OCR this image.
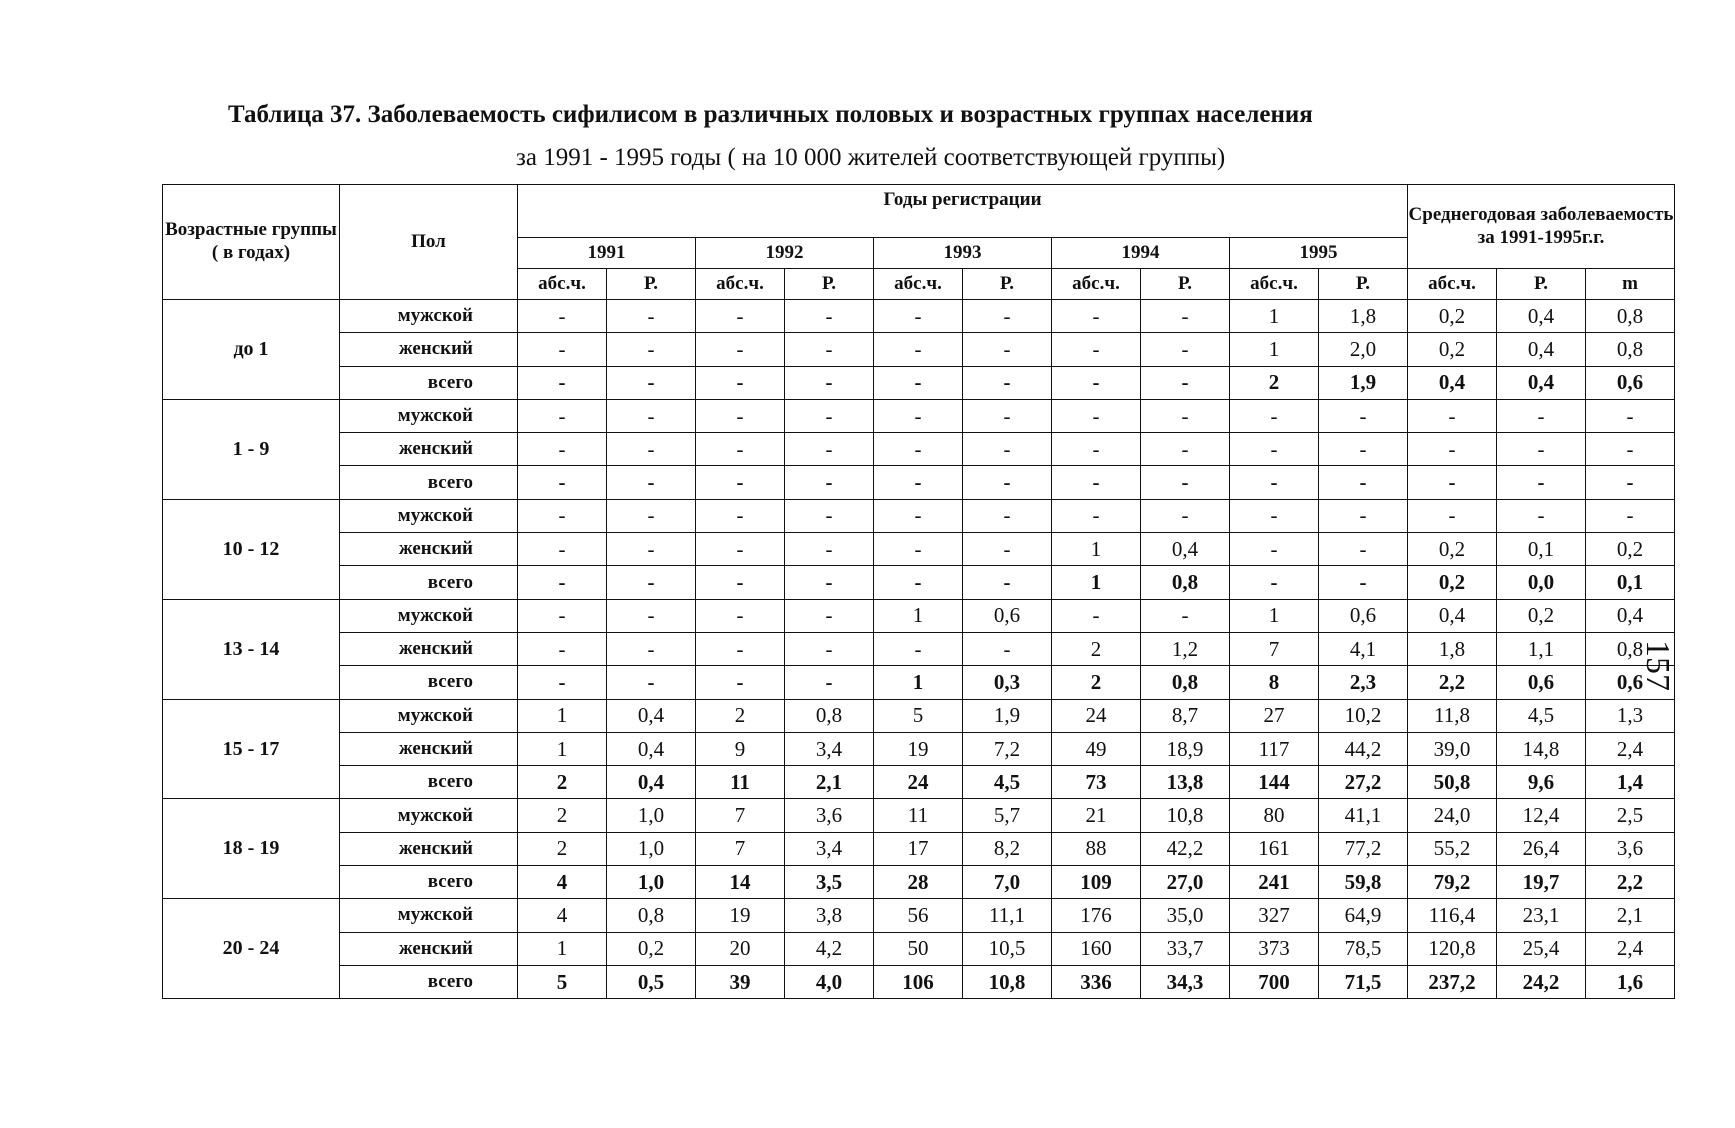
Таблица 37. Заболеваемость сифилисом в различных половых и возрастных группах населения
за 1991 - 1995 годы ( на 10 000 жителей соответствующей группы)
157
Возрастные группы ( в годах)	Пол	Годы регистрации										Среднегодовая заболеваемость за 1991-1995г.г.		
		1991		1992		1993		1994		1995				
		абс.ч.	Р.	абс.ч.	Р.	абс.ч.	Р.	абс.ч.	Р.	абс.ч.	Р.	абс.ч.	Р.	m
до 1	мужской	-	-	-	-	-	-	-	-	1	1,8	0,2	0,4	0,8
	женский	-	-	-	-	-	-	-	-	1	2,0	0,2	0,4	0,8
	всего	-	-	-	-	-	-	-	-	2	1,9	0,4	0,4	0,6
1 - 9	мужской	-	-	-	-	-	-	-	-	-	-	-	-	-
	женский	-	-	-	-	-	-	-	-	-	-	-	-	-
	всего	-	-	-	-	-	-	-	-	-	-	-	-	-
10 - 12	мужской	-	-	-	-	-	-	-	-	-	-	-	-	-
	женский	-	-	-	-	-	-	1	0,4	-	-	0,2	0,1	0,2
	всего	-	-	-	-	-	-	1	0,8	-	-	0,2	0,0	0,1
13 - 14	мужской	-	-	-	-	1	0,6	-	-	1	0,6	0,4	0,2	0,4
	женский	-	-	-	-	-	-	2	1,2	7	4,1	1,8	1,1	0,8
	всего	-	-	-	-	1	0,3	2	0,8	8	2,3	2,2	0,6	0,6
15 - 17	мужской	1	0,4	2	0,8	5	1,9	24	8,7	27	10,2	11,8	4,5	1,3
	женский	1	0,4	9	3,4	19	7,2	49	18,9	117	44,2	39,0	14,8	2,4
	всего	2	0,4	11	2,1	24	4,5	73	13,8	144	27,2	50,8	9,6	1,4
18 - 19	мужской	2	1,0	7	3,6	11	5,7	21	10,8	80	41,1	24,0	12,4	2,5
	женский	2	1,0	7	3,4	17	8,2	88	42,2	161	77,2	55,2	26,4	3,6
	всего	4	1,0	14	3,5	28	7,0	109	27,0	241	59,8	79,2	19,7	2,2
20 - 24	мужской	4	0,8	19	3,8	56	11,1	176	35,0	327	64,9	116,4	23,1	2,1
	женский	1	0,2	20	4,2	50	10,5	160	33,7	373	78,5	120,8	25,4	2,4
	всего	5	0,5	39	4,0	106	10,8	336	34,3	700	71,5	237,2	24,2	1,6
